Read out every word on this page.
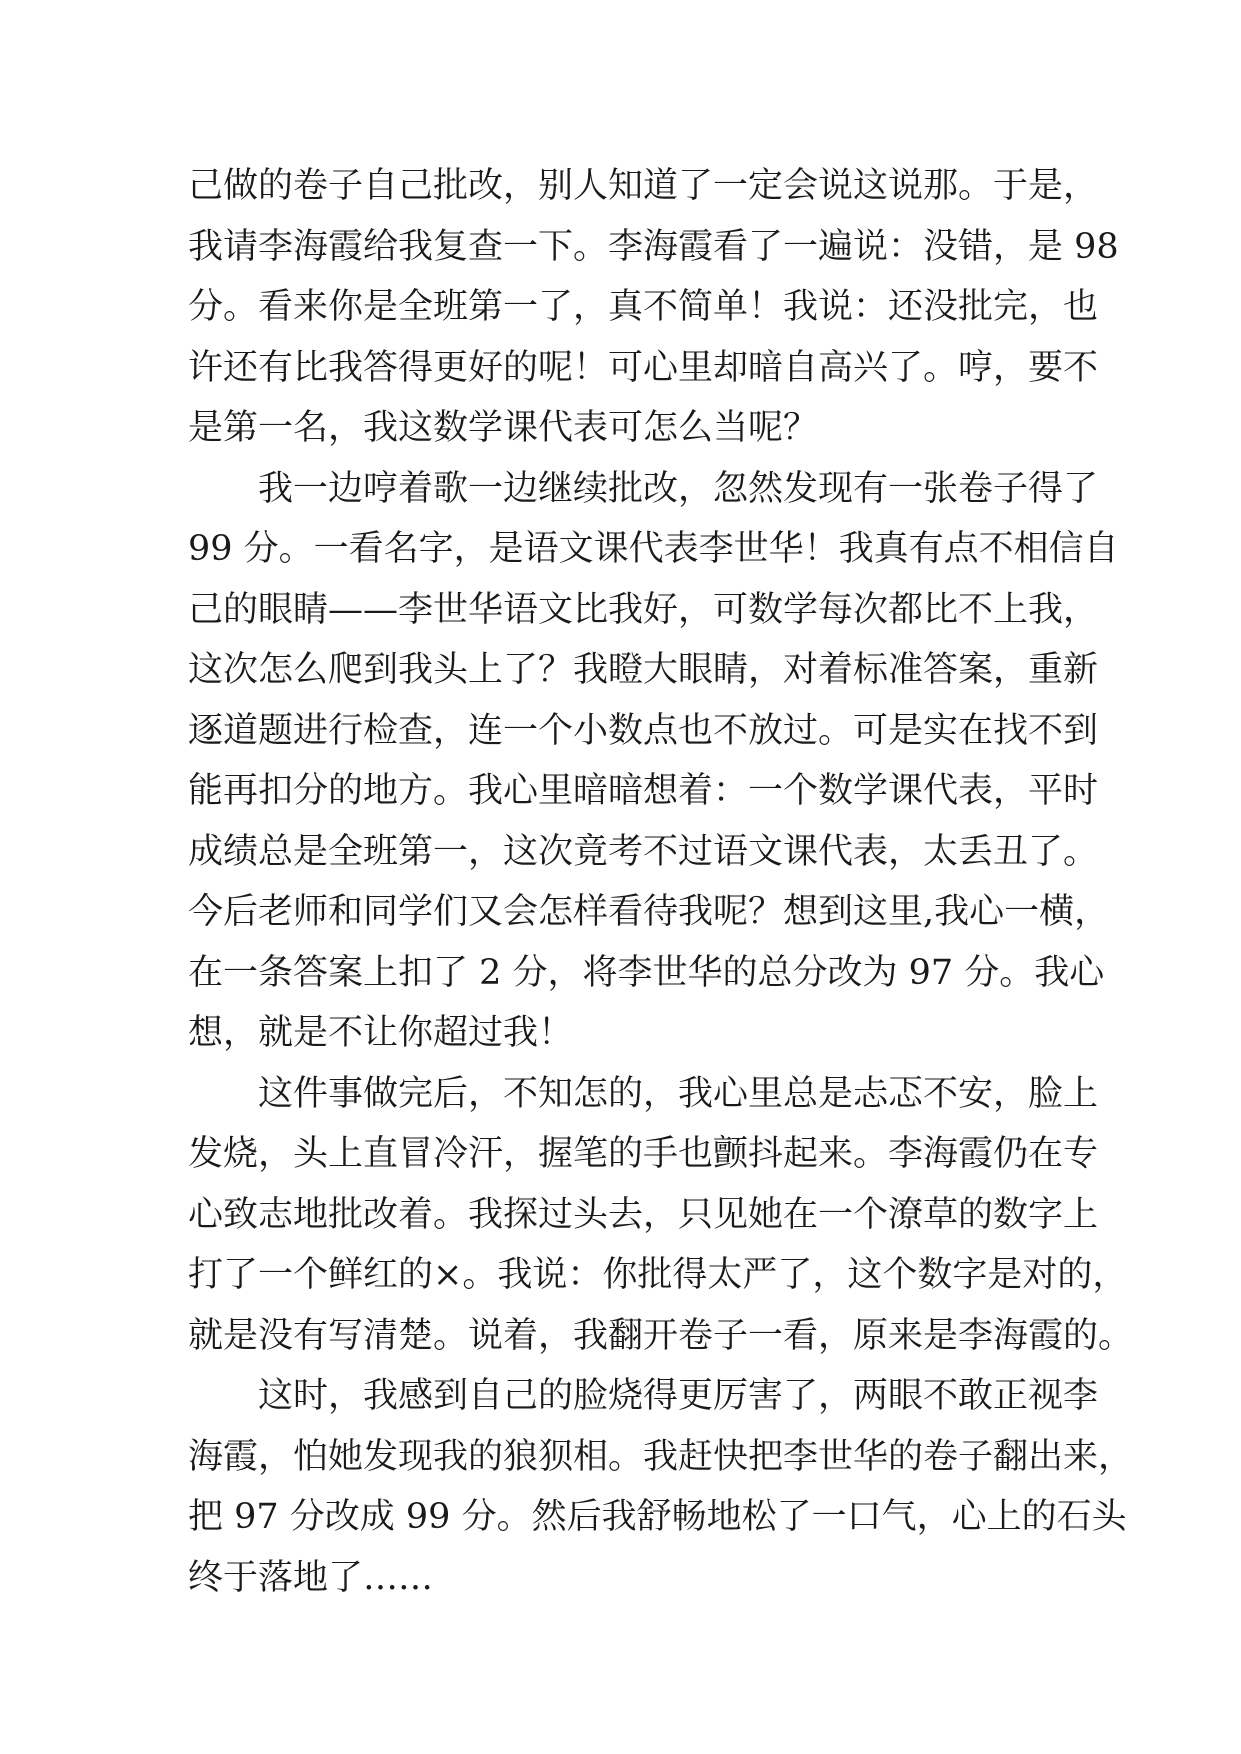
己做的卷子自己批改，别人知道了一定会说这说那。于是，
我请李海霞给我复查一下。李海霞看了一遍说：没错，是 98
分。看来你是全班第一了，真不简单！我说：还没批完，也
许还有比我答得更好的呢！可心里却暗自高兴了。哼，要不
是第一名，我这数学课代表可怎么当呢？
我一边哼着歌一边继续批改，忽然发现有一张卷子得了
99 分。一看名字，是语文课代表李世华！我真有点不相信自
己的眼睛——李世华语文比我好，可数学每次都比不上我，
这次怎么爬到我头上了？我瞪大眼睛，对着标准答案，重新
逐道题进行检查，连一个小数点也不放过。可是实在找不到
能再扣分的地方。我心里暗暗想着：一个数学课代表，平时
成绩总是全班第一，这次竟考不过语文课代表，太丢丑了。
今后老师和同学们又会怎样看待我呢？想到这里,我心一横，
在一条答案上扣了 2 分，将李世华的总分改为 97 分。我心
想，就是不让你超过我！
这件事做完后，不知怎的，我心里总是忐忑不安，脸上
发烧，头上直冒冷汗，握笔的手也颤抖起来。李海霞仍在专
心致志地批改着。我探过头去，只见她在一个潦草的数字上
打了一个鲜红的×。我说：你批得太严了，这个数字是对的，
就是没有写清楚。说着，我翻开卷子一看，原来是李海霞的。
这时，我感到自己的脸烧得更厉害了，两眼不敢正视李
海霞，怕她发现我的狼狈相。我赶快把李世华的卷子翻出来，
把 97 分改成 99 分。然后我舒畅地松了一口气，心上的石头
终于落地了……
